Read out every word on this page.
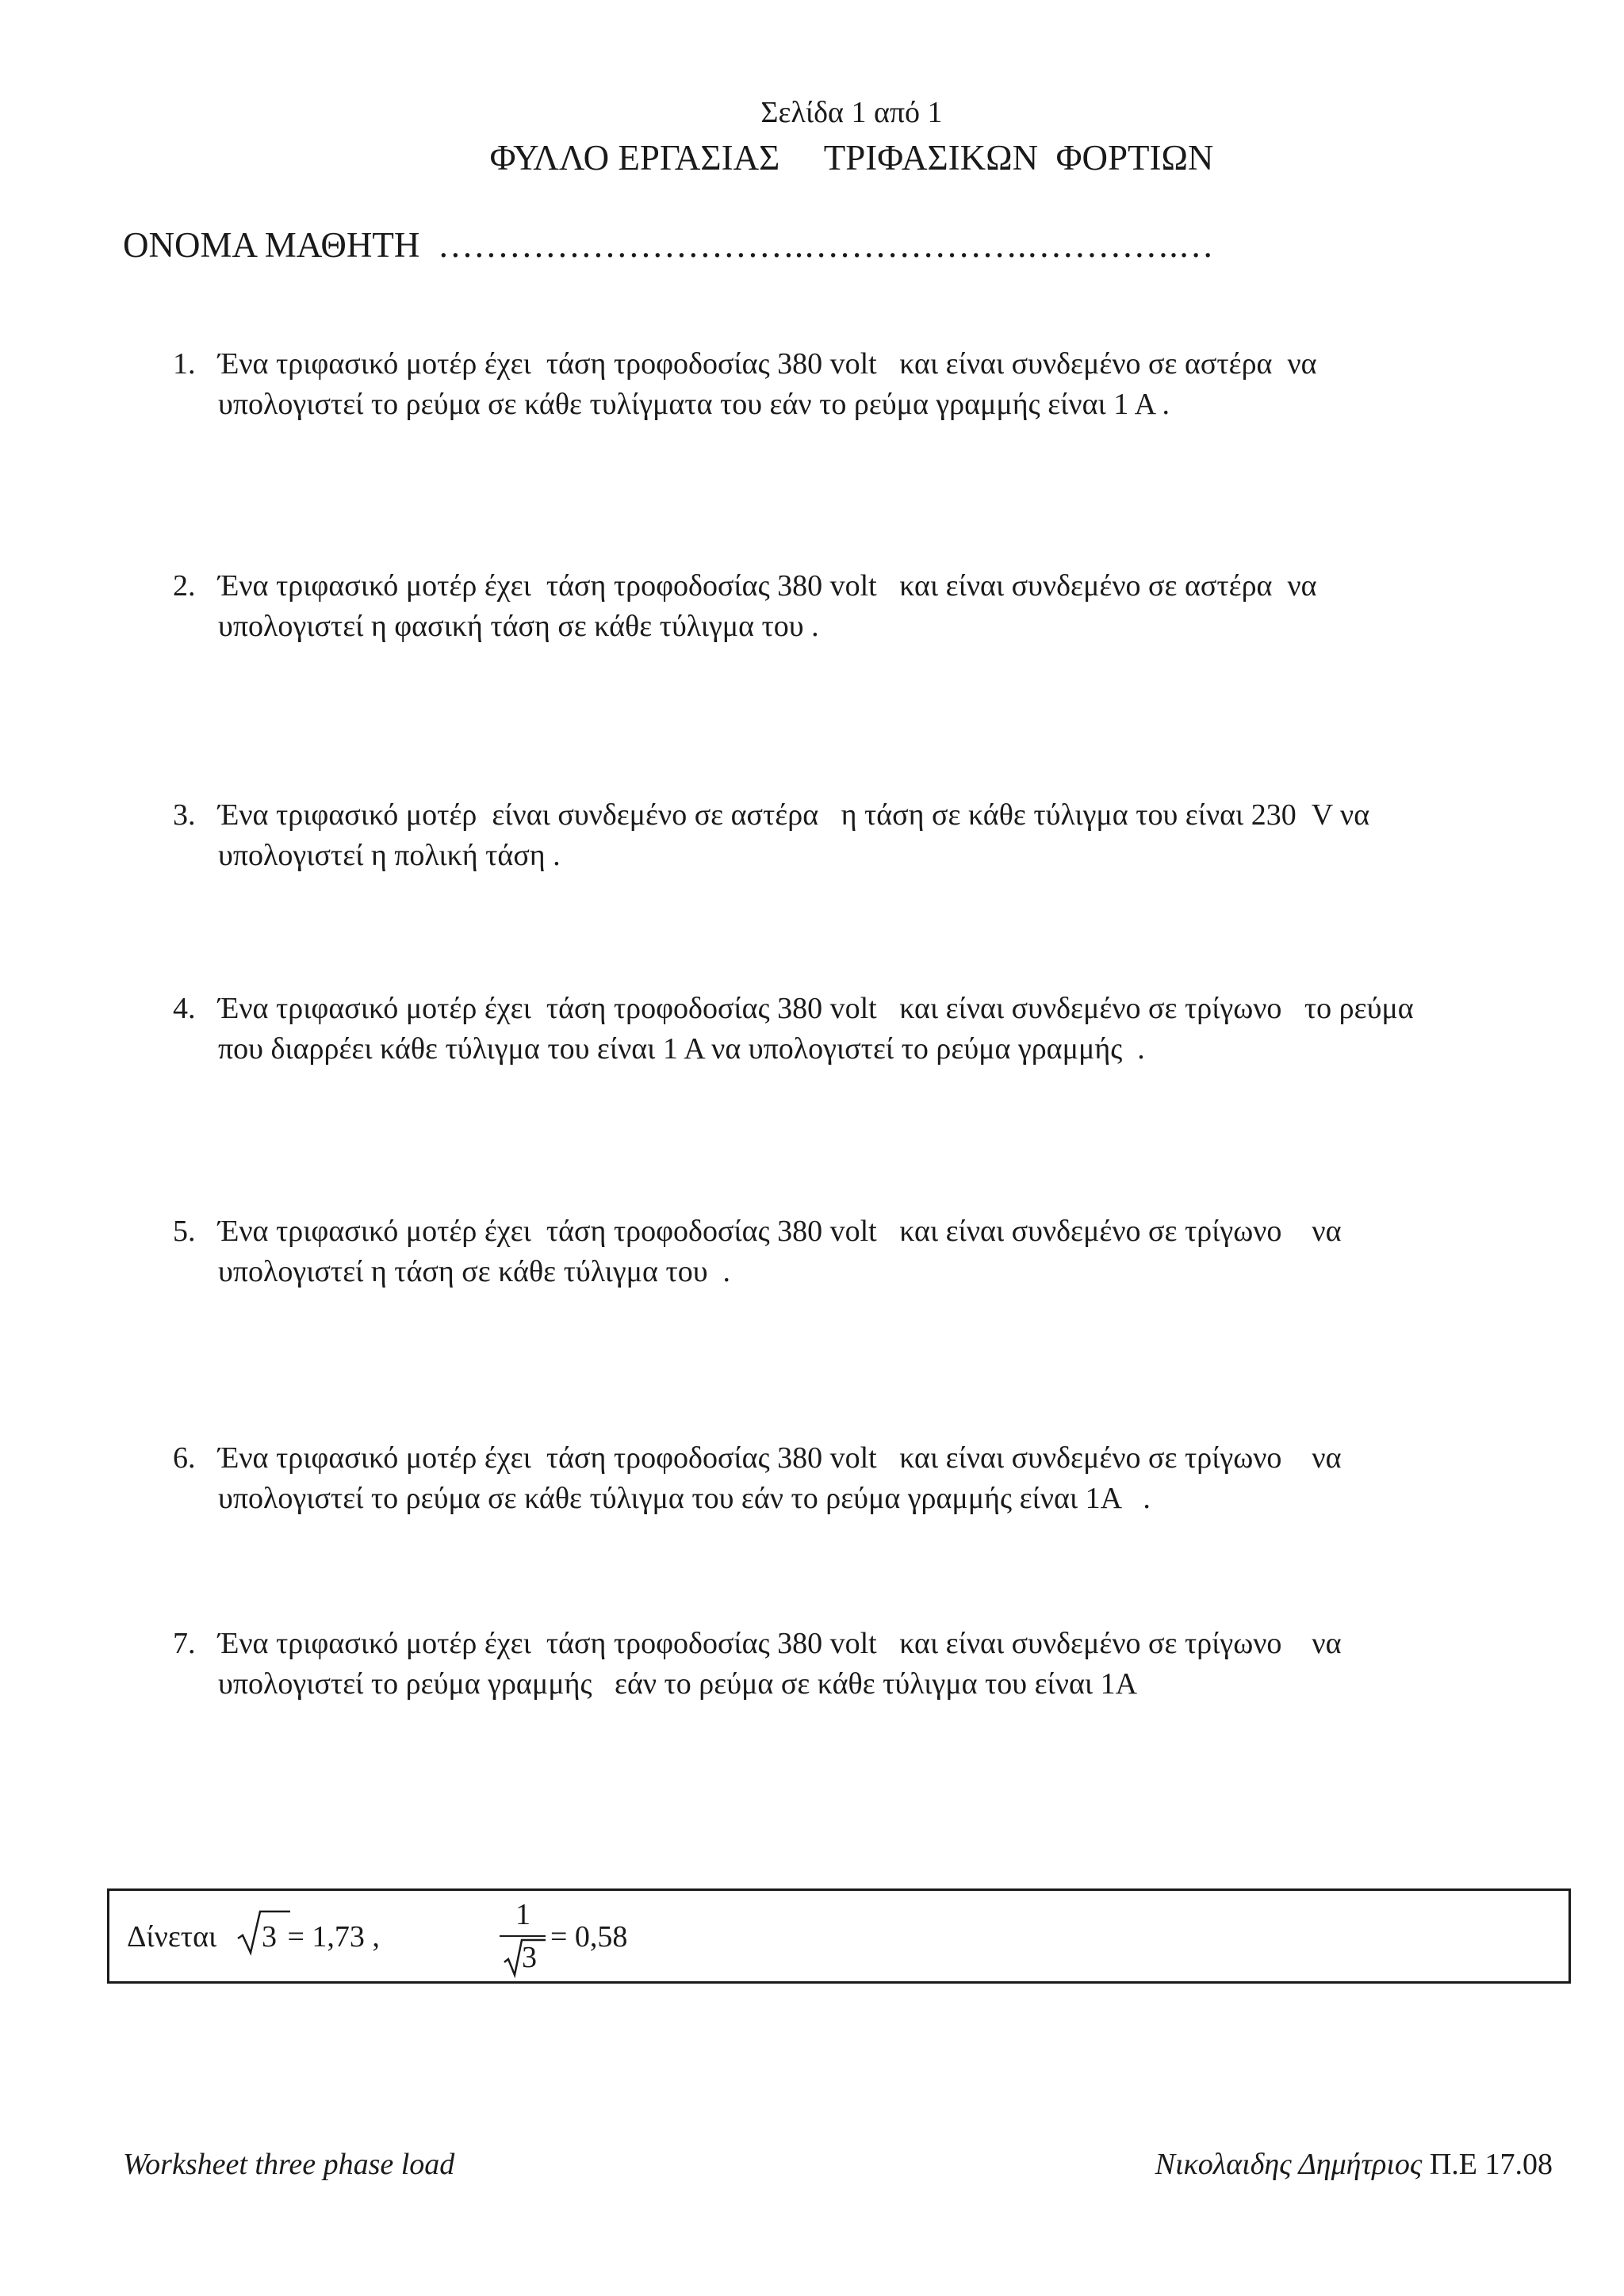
Σελίδα 1 από 1
ΦΥΛΛΟ ΕΡΓΑΣΙΑΣ     ΤΡΙΦΑΣΙΚΩΝ  ΦΟΡΤΙΩΝ
ΟΝΟΜΑ ΜΑΘΗΤΗ  ………………………….……………….………….…
1. Ένα τριφασικό μοτέρ έχει  τάση τροφοδοσίας 380 volt   και είναι συνδεμένο σε αστέρα  να
υπολογιστεί το ρεύμα σε κάθε τυλίγματα του εάν το ρεύμα γραμμής είναι 1 Α .
2. Ένα τριφασικό μοτέρ έχει  τάση τροφοδοσίας 380 volt   και είναι συνδεμένο σε αστέρα  να
υπολογιστεί η φασική τάση σε κάθε τύλιγμα του .
3. Ένα τριφασικό μοτέρ  είναι συνδεμένο σε αστέρα   η τάση σε κάθε τύλιγμα του είναι 230  V να
υπολογιστεί η πολική τάση .
4. Ένα τριφασικό μοτέρ έχει  τάση τροφοδοσίας 380 volt   και είναι συνδεμένο σε τρίγωνο   το ρεύμα
που διαρρέει κάθε τύλιγμα του είναι 1 Α να υπολογιστεί το ρεύμα γραμμής  .
5. Ένα τριφασικό μοτέρ έχει  τάση τροφοδοσίας 380 volt   και είναι συνδεμένο σε τρίγωνο    να
υπολογιστεί η τάση σε κάθε τύλιγμα του  .
6. Ένα τριφασικό μοτέρ έχει  τάση τροφοδοσίας 380 volt   και είναι συνδεμένο σε τρίγωνο    να
υπολογιστεί το ρεύμα σε κάθε τύλιγμα του εάν το ρεύμα γραμμής είναι 1Α   .
7. Ένα τριφασικό μοτέρ έχει  τάση τροφοδοσίας 380 volt   και είναι συνδεμένο σε τρίγωνο    να
υπολογιστεί το ρεύμα γραμμής   εάν το ρεύμα σε κάθε τύλιγμα του είναι 1Α
Δίνεται 3 = 1,73 ,
1
3
= 0,58
Worksheet three phase load	Νικολαιδης Δημήτριος Π.Ε 17.08
